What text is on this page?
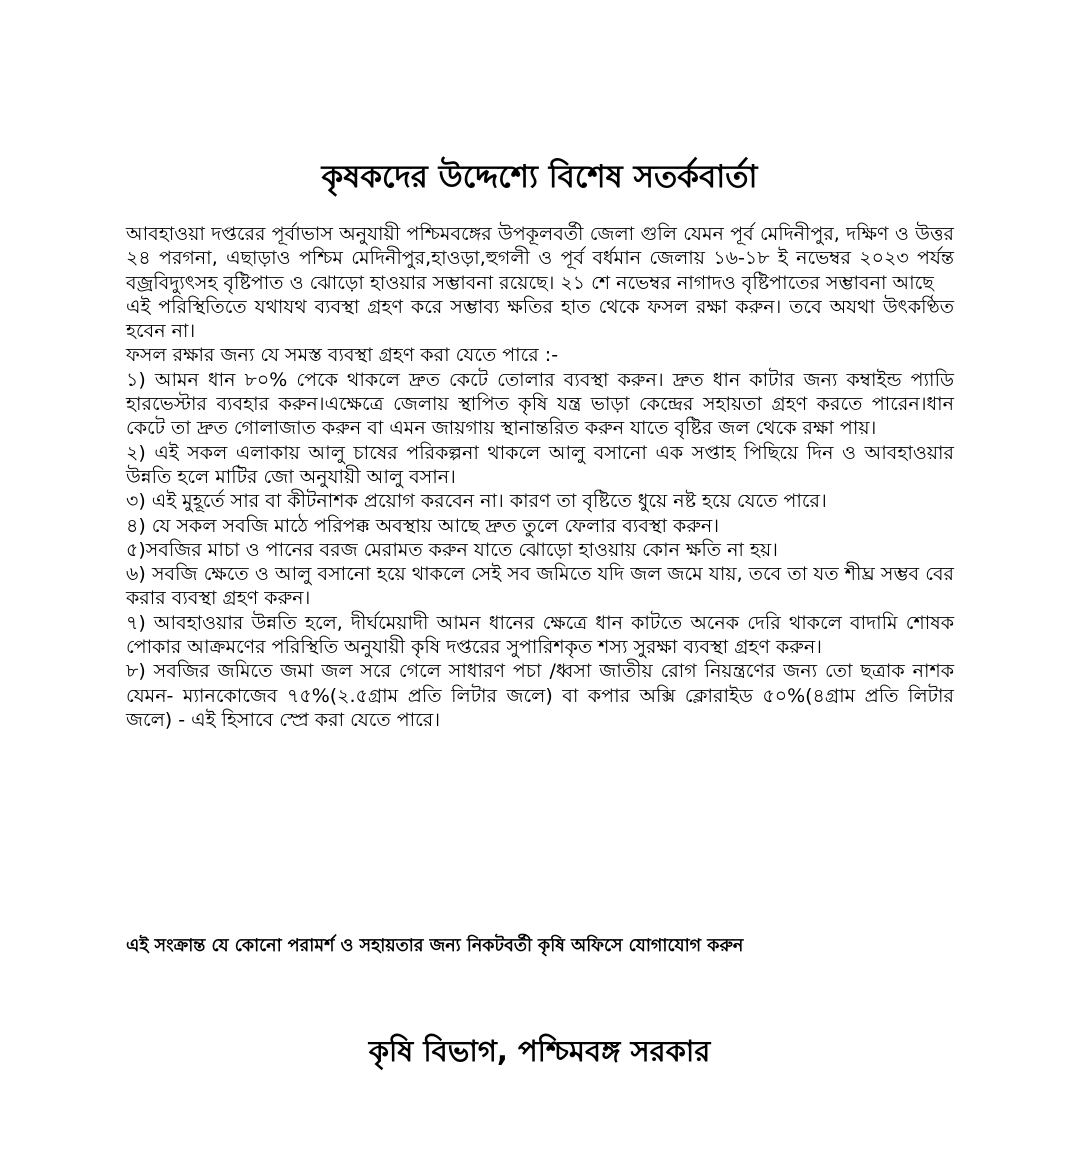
কৃষকদের উদ্দেশ্যে বিশেষ সতর্কবার্তা

আবহাওয়া দপ্তরের পূর্বাভাস অনুযায়ী পশ্চিমবঙ্গের উপকূলবর্তী জেলা গুলি যেমন পূর্ব মেদিনীপুর, দক্ষিণ ও উত্তর ২৪ পরগনা, এছাড়াও পশ্চিম মেদিনীপুর,হাওড়া,হুগলী ও পূর্ব বর্ধমান জেলায় ১৬-১৮ ই নভেম্বর ২০২৩ পর্যন্ত বজ্রবিদ্যুৎসহ বৃষ্টিপাত ও ঝোড়ো হাওয়ার সম্ভাবনা রয়েছে। ২১ শে নভেম্বর নাগাদও বৃষ্টিপাতের সম্ভাবনা আছে

এই পরিস্থিতিতে যথাযথ ব্যবস্থা গ্রহণ করে সম্ভাব্য ক্ষতির হাত থেকে ফসল রক্ষা করুন। তবে অযথা উৎকণ্ঠিত হবেন না।

ফসল রক্ষার জন্য যে সমস্ত ব্যবস্থা গ্রহণ করা যেতে পারে :-

১) আমন ধান ৮০% পেকে থাকলে দ্রুত কেটে তোলার ব্যবস্থা করুন। দ্রুত ধান কাটার জন্য কম্বাইন্ড প্যাডি হারভেস্টার ব্যবহার করুন।এক্ষেত্রে জেলায় স্থাপিত কৃষি যন্ত্র ভাড়া কেন্দ্রের সহায়তা গ্রহণ করতে পারেন।ধান কেটে তা দ্রুত গোলাজাত করুন বা এমন জায়গায় স্থানান্তরিত করুন যাতে বৃষ্টির জল থেকে রক্ষা পায়।

২) এই সকল এলাকায় আলু চাষের পরিকল্পনা থাকলে আলু বসানো এক সপ্তাহ পিছিয়ে দিন ও আবহাওয়ার উন্নতি হলে মাটির জো অনুযায়ী আলু বসান।

৩) এই মুহূর্তে সার বা কীটনাশক প্রয়োগ করবেন না। কারণ তা বৃষ্টিতে ধুয়ে নষ্ট হয়ে যেতে পারে।

৪) যে সকল সবজি মাঠে পরিপক্ক অবস্থায় আছে দ্রুত তুলে ফেলার ব্যবস্থা করুন।

৫)সবজির মাচা ও পানের বরজ মেরামত করুন যাতে ঝোড়ো হাওয়ায় কোন ক্ষতি না হয়।

৬) সবজি ক্ষেতে ও আলু বসানো হয়ে থাকলে সেই সব জমিতে যদি জল জমে যায়, তবে তা যত শীঘ্র সম্ভব বের করার ব্যবস্থা গ্রহণ করুন।

৭) আবহাওয়ার উন্নতি হলে, দীর্ঘমেয়াদী আমন ধানের ক্ষেত্রে ধান কাটতে অনেক দেরি থাকলে বাদামি শোষক পোকার আক্রমণের পরিস্থিতি অনুযায়ী কৃষি দপ্তরের সুপারিশকৃত শস্য সুরক্ষা ব্যবস্থা গ্রহণ করুন।

৮) সবজির জমিতে জমা জল সরে গেলে সাধারণ পচা /ধ্বসা জাতীয় রোগ নিয়ন্ত্রণের জন্য তো ছত্রাক নাশক যেমন- ম্যানকোজেব ৭৫%(২.৫গ্রাম প্রতি লিটার জলে) বা কপার অক্সি ক্লোরাইড ৫০%(৪গ্রাম প্রতি লিটার জলে) - এই হিসাবে স্প্রে করা যেতে পারে।

এই সংক্রান্ত যে কোনো পরামর্শ ও সহায়তার জন্য নিকটবর্তী কৃষি অফিসে যোগাযোগ করুন
কৃষি বিভাগ, পশ্চিমবঙ্গ সরকার
